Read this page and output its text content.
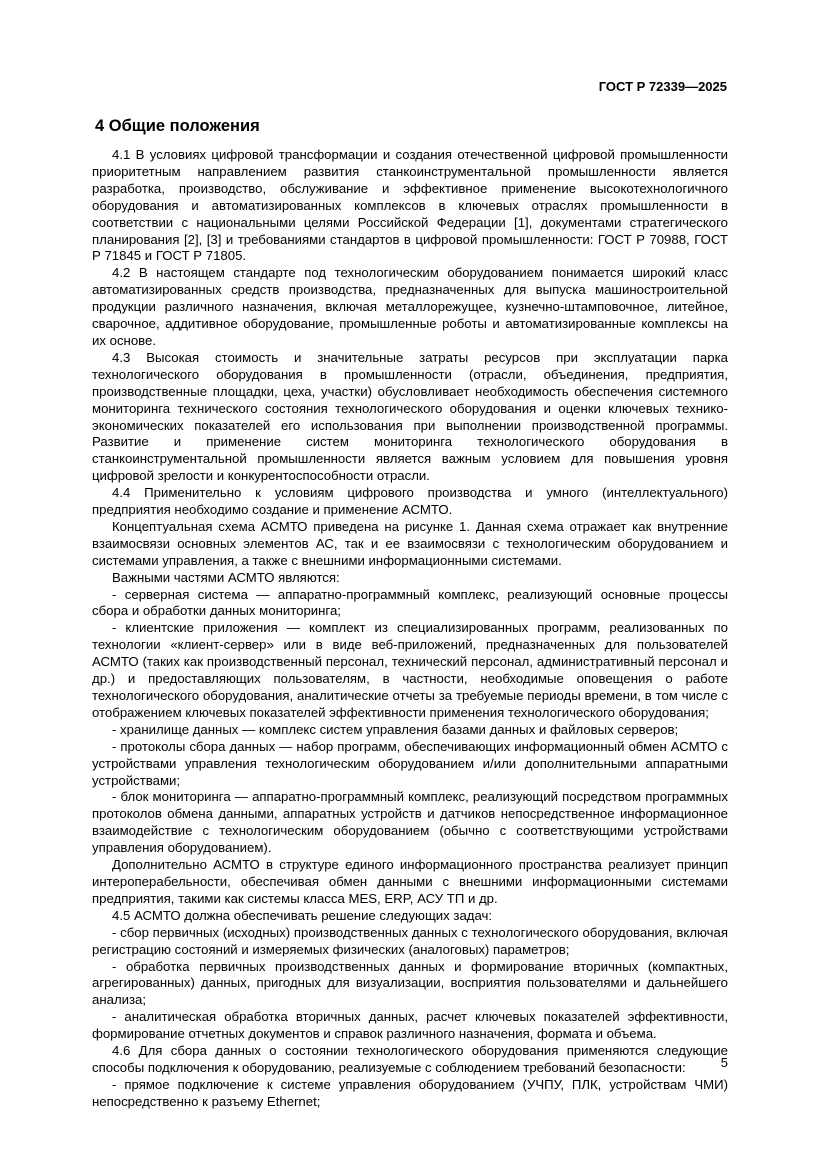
ГОСТ Р 72339—2025
4 Общие положения

4.1 В условиях цифровой трансформации и создания отечественной цифровой промышленности приоритетным направлением развития станкоинструментальной промышленности является разработка, производство, обслуживание и эффективное применение высокотехнологичного оборудования и автоматизированных комплексов в ключевых отраслях промышленности в соответствии с национальными целями Российской Федерации [1], документами стратегического планирования [2], [3] и требованиями стандартов в цифровой промышленности: ГОСТ Р 70988, ГОСТ Р 71845 и ГОСТ Р 71805.

4.2 В настоящем стандарте под технологическим оборудованием понимается широкий класс автоматизированных средств производства, предназначенных для выпуска машиностроительной продукции различного назначения, включая металлорежущее, кузнечно-штамповочное, литейное, сварочное, аддитивное оборудование, промышленные роботы и автоматизированные комплексы на их основе.

4.3 Высокая стоимость и значительные затраты ресурсов при эксплуатации парка технологического оборудования в промышленности (отрасли, объединения, предприятия, производственные площадки, цеха, участки) обусловливает необходимость обеспечения системного мониторинга технического состояния технологического оборудования и оценки ключевых технико-экономических показателей его использования при выполнении производственной программы. Развитие и применение систем мониторинга технологического оборудования в станкоинструментальной промышленности является важным условием для повышения уровня цифровой зрелости и конкурентоспособности отрасли.

4.4 Применительно к условиям цифрового производства и умного (интеллектуального) предприятия необходимо создание и применение АСМТО.

Концептуальная схема АСМТО приведена на рисунке 1. Данная схема отражает как внутренние взаимосвязи основных элементов АС, так и ее взаимосвязи с технологическим оборудованием и системами управления, а также с внешними информационными системами.

Важными частями АСМТО являются:

- серверная система — аппаратно-программный комплекс, реализующий основные процессы сбора и обработки данных мониторинга;

- клиентские приложения — комплект из специализированных программ, реализованных по технологии «клиент-сервер» или в виде веб-приложений, предназначенных для пользователей АСМТО (таких как производственный персонал, технический персонал, административный персонал и др.) и предоставляющих пользователям, в частности, необходимые оповещения о работе технологического оборудования, аналитические отчеты за требуемые периоды времени, в том числе с отображением ключевых показателей эффективности применения технологического оборудования;

- хранилище данных — комплекс систем управления базами данных и файловых серверов;

- протоколы сбора данных — набор программ, обеспечивающих информационный обмен АСМТО с устройствами управления технологическим оборудованием и/или дополнительными аппаратными устройствами;

- блок мониторинга — аппаратно-программный комплекс, реализующий посредством программных протоколов обмена данными, аппаратных устройств и датчиков непосредственное информационное взаимодействие с технологическим оборудованием (обычно с соответствующими устройствами управления оборудованием).

Дополнительно АСМТО в структуре единого информационного пространства реализует принцип интероперабельности, обеспечивая обмен данными с внешними информационными системами предприятия, такими как системы класса MES, ERP, АСУ ТП и др.

4.5 АСМТО должна обеспечивать решение следующих задач:

- сбор первичных (исходных) производственных данных с технологического оборудования, включая регистрацию состояний и измеряемых физических (аналоговых) параметров;

- обработка первичных производственных данных и формирование вторичных (компактных, агрегированных) данных, пригодных для визуализации, восприятия пользователями и дальнейшего анализа;

- аналитическая обработка вторичных данных, расчет ключевых показателей эффективности, формирование отчетных документов и справок различного назначения, формата и объема.

4.6 Для сбора данных о состоянии технологического оборудования применяются следующие способы подключения к оборудованию, реализуемые с соблюдением требований безопасности:

- прямое подключение к системе управления оборудованием (УЧПУ, ПЛК, устройствам ЧМИ) непосредственно к разъему Ethernet;

5
